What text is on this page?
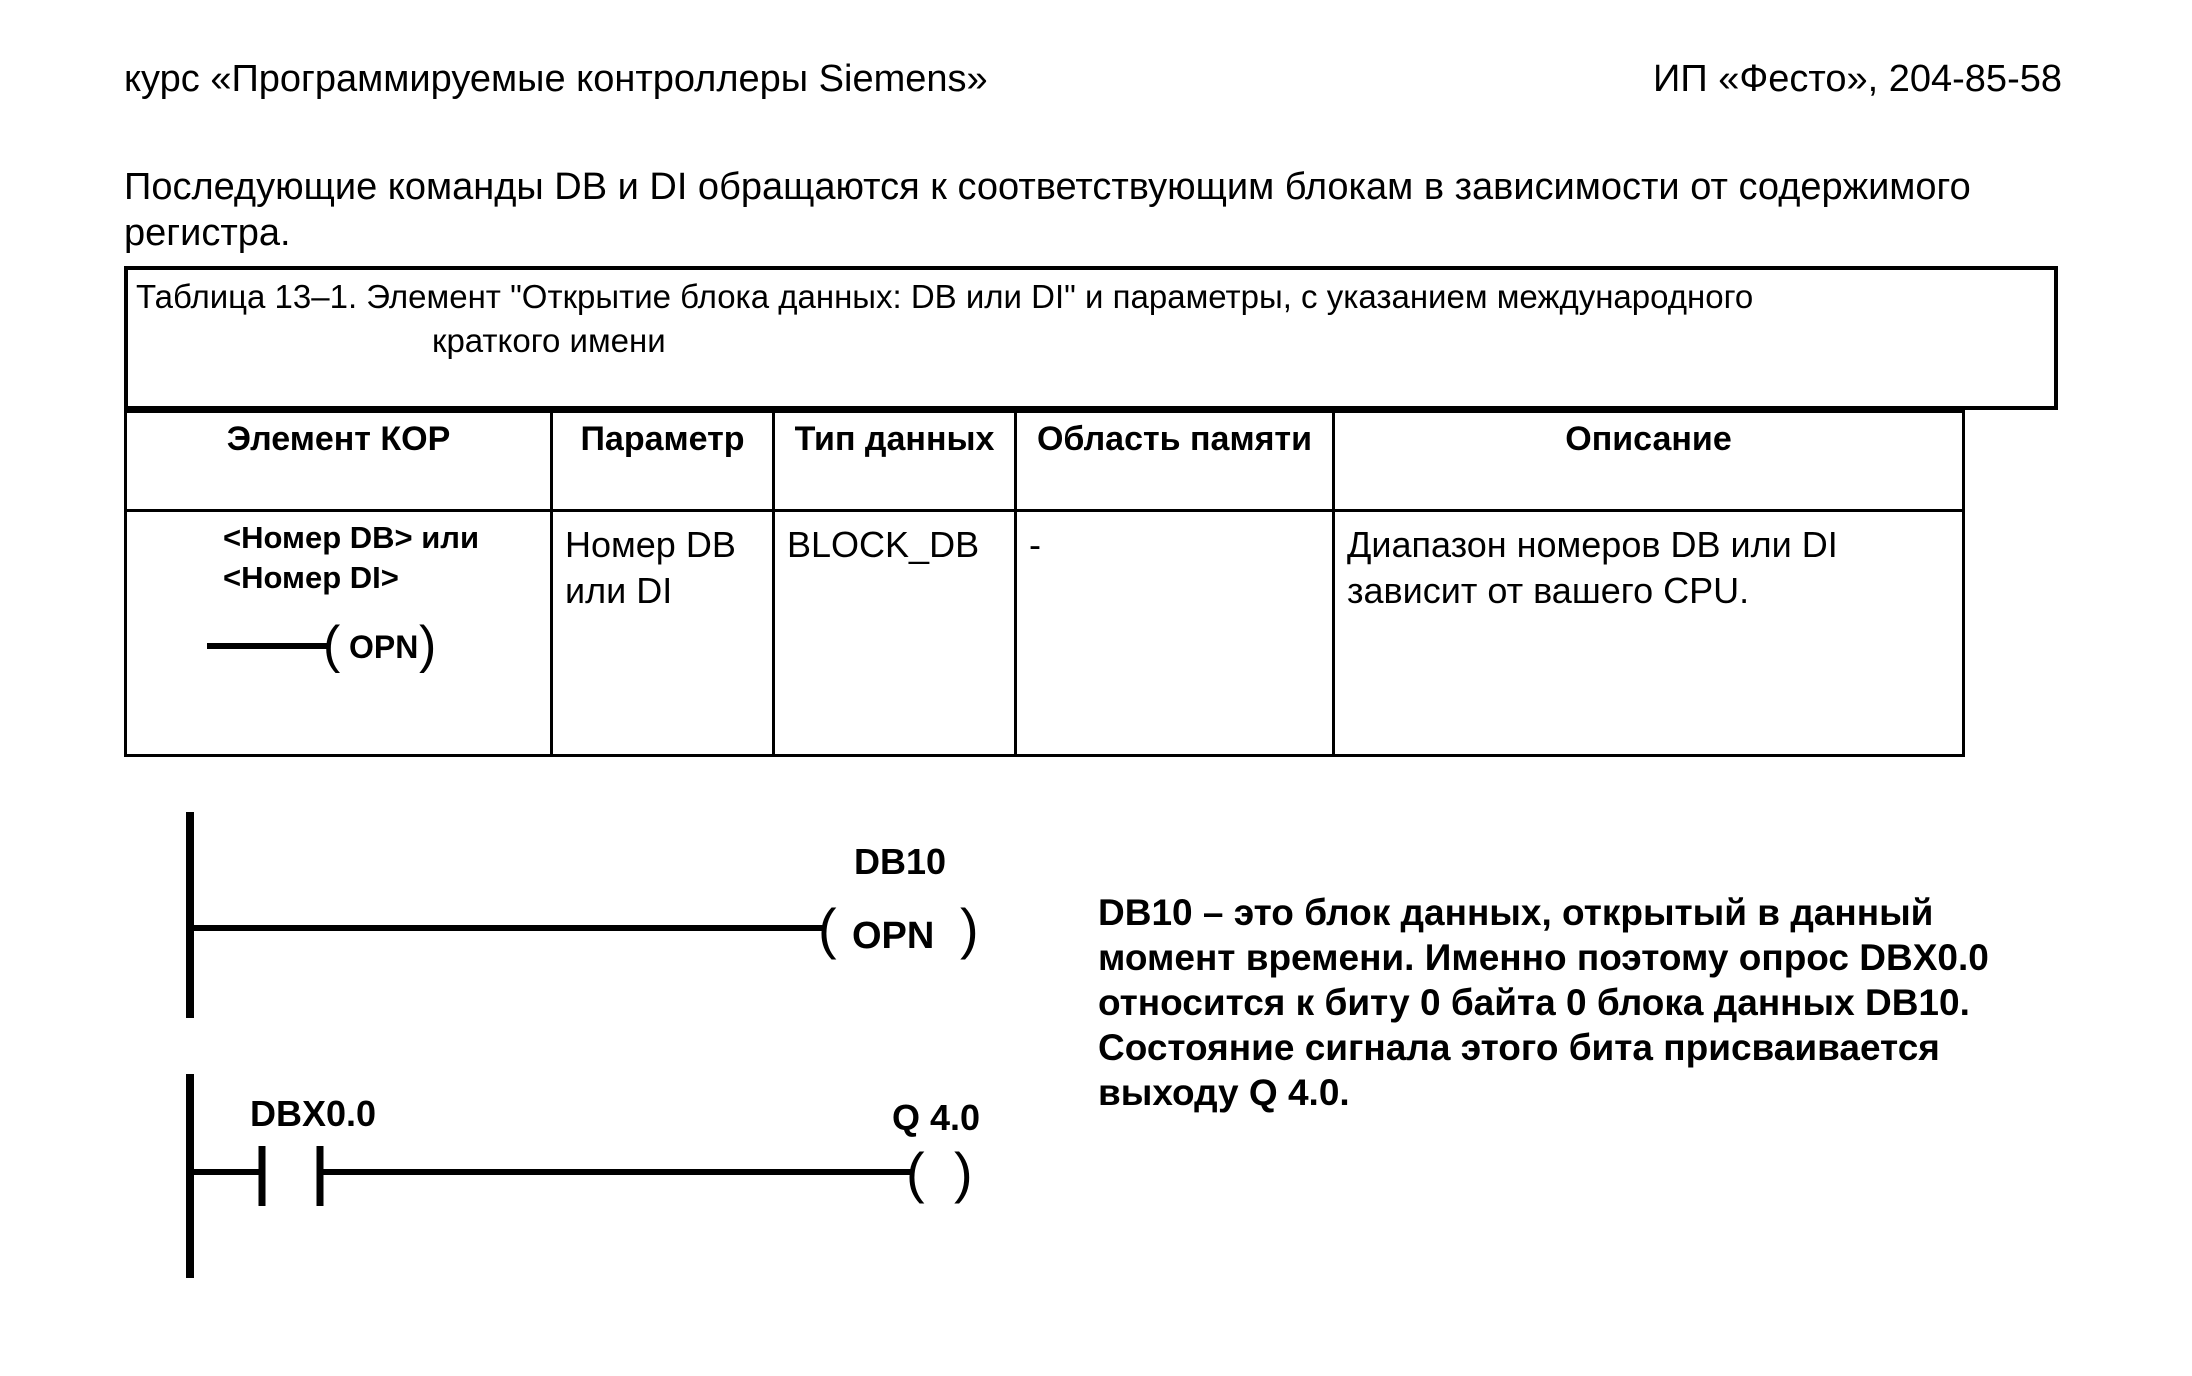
курс «Программируемые контроллеры Siemens»	ИП «Фесто», 204-85-58
Последующие команды DB и DI обращаются к соответствующим блокам в зависимости от содержимого регистра.
Таблица 13–1. Элемент "Открытие блока данных: DB или DI" и параметры, с указанием международного
краткого имени
Элемент КОР	Параметр	Тип данных	Область памяти	Описание

<Номер DB> или
<Номер DI>
( OPN )	Номер DB или DI	BLOCK_DB	-	Диапазон номеров DB или DI зависит от вашего CPU.
DB10
( OPN )
DBX0.0	Q 4.0
( )
DB10 – это блок данных, открытый в данный момент времени. Именно поэтому опрос DBX0.0 относится к биту 0 байта 0 блока данных DB10. Состояние сигнала этого бита присваивается выходу Q 4.0.
